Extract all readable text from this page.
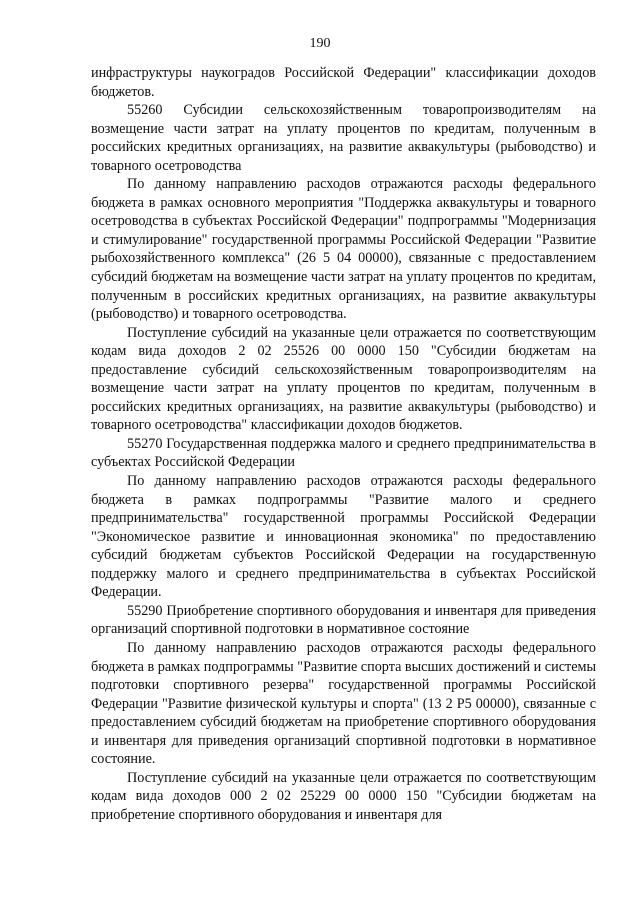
190

инфраструктуры наукоградов Российской Федерации" классификации доходов бюджетов.

55260 Субсидии сельскохозяйственным товаропроизводителям на возмещение части затрат на уплату процентов по кредитам, полученным в российских кредитных организациях, на развитие аквакультуры (рыбоводство) и товарного осетроводства

По данному направлению расходов отражаются расходы федерального бюджета в рамках основного мероприятия "Поддержка аквакультуры и товарного осетроводства в субъектах Российской Федерации" подпрограммы "Модернизация и стимулирование" государственной программы Российской Федерации "Развитие рыбохозяйственного комплекса" (26 5 04 00000), связанные с предоставлением субсидий бюджетам на возмещение части затрат на уплату процентов по кредитам, полученным в российских кредитных организациях, на развитие аквакультуры (рыбоводство) и товарного осетроводства.

Поступление субсидий на указанные цели отражается по соответствующим кодам вида доходов 2 02 25526 00 0000 150 "Субсидии бюджетам на предоставление субсидий сельскохозяйственным товаропроизводителям на возмещение части затрат на уплату процентов по кредитам, полученным в российских кредитных организациях, на развитие аквакультуры (рыбоводство) и товарного осетроводства" классификации доходов бюджетов.

55270 Государственная поддержка малого и среднего предпринимательства в субъектах Российской Федерации

По данному направлению расходов отражаются расходы федерального бюджета в рамках подпрограммы "Развитие малого и среднего предпринимательства" государственной программы Российской Федерации "Экономическое развитие и инновационная экономика" по предоставлению субсидий бюджетам субъектов Российской Федерации на государственную поддержку малого и среднего предпринимательства в субъектах Российской Федерации.

55290 Приобретение спортивного оборудования и инвентаря для приведения организаций спортивной подготовки в нормативное состояние

По данному направлению расходов отражаются расходы федерального бюджета в рамках подпрограммы "Развитие спорта высших достижений и системы подготовки спортивного резерва" государственной программы Российской Федерации "Развитие физической культуры и спорта" (13 2 Р5 00000), связанные с предоставлением субсидий бюджетам на приобретение спортивного оборудования и инвентаря для приведения организаций спортивной подготовки в нормативное состояние.

Поступление субсидий на указанные цели отражается по соответствующим кодам вида доходов 000 2 02 25229 00 0000 150 "Субсидии бюджетам на приобретение спортивного оборудования и инвентаря для
